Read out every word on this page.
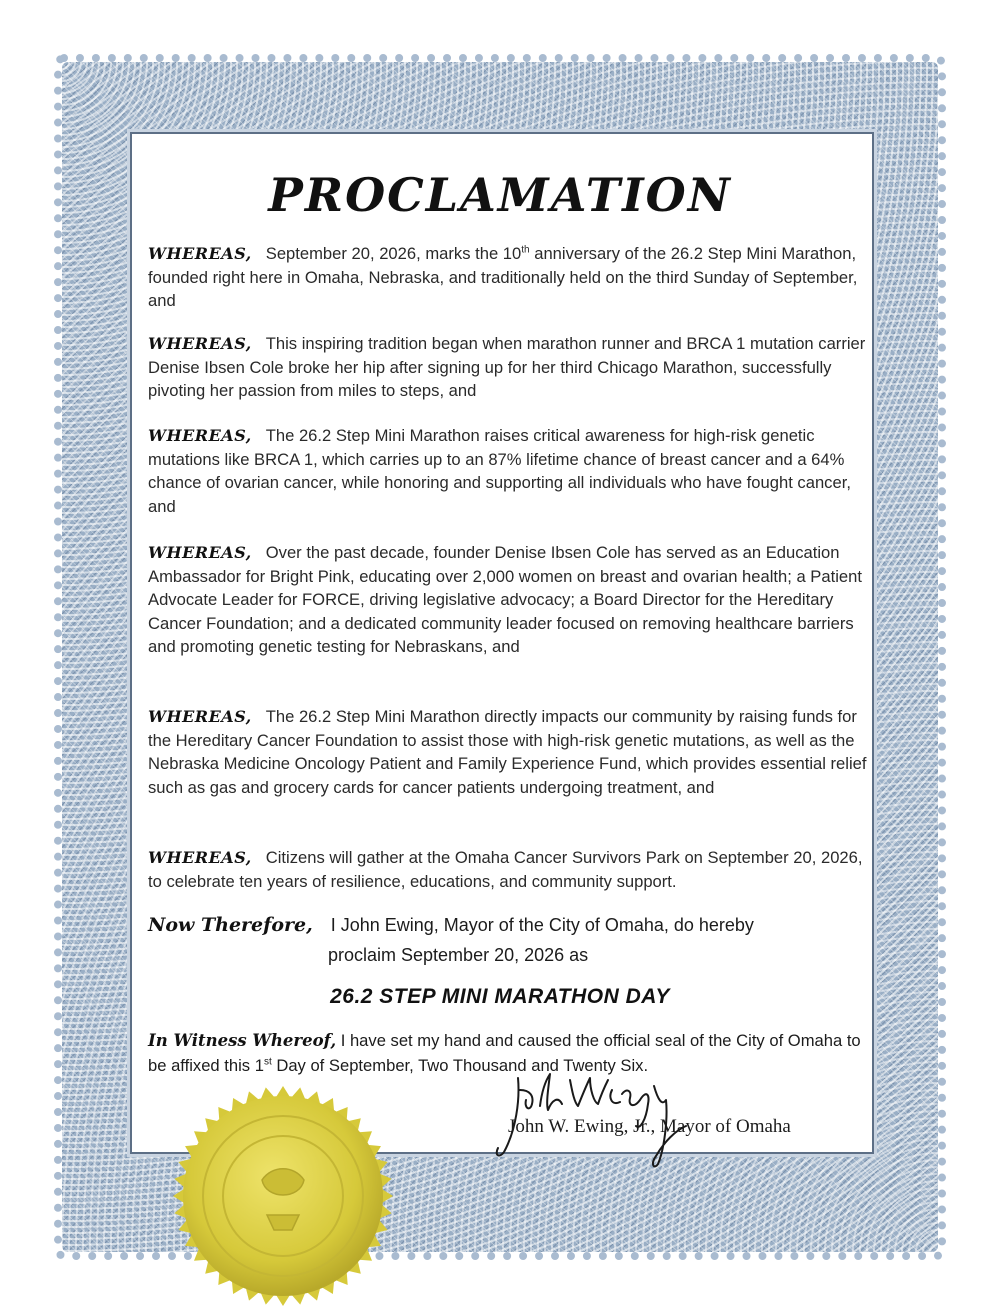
PROCLAMATION
WHEREAS, September 20, 2026, marks the 10th anniversary of the 26.2 Step Mini Marathon, founded right here in Omaha, Nebraska, and traditionally held on the third Sunday of September, and
WHEREAS, This inspiring tradition began when marathon runner and BRCA 1 mutation carrier Denise Ibsen Cole broke her hip after signing up for her third Chicago Marathon, successfully pivoting her passion from miles to steps, and
WHEREAS, The 26.2 Step Mini Marathon raises critical awareness for high-risk genetic mutations like BRCA 1, which carries up to an 87% lifetime chance of breast cancer and a 64% chance of ovarian cancer, while honoring and supporting all individuals who have fought cancer, and
WHEREAS, Over the past decade, founder Denise Ibsen Cole has served as an Education Ambassador for Bright Pink, educating over 2,000 women on breast and ovarian health; a Patient Advocate Leader for FORCE, driving legislative advocacy; a Board Director for the Hereditary Cancer Foundation; and a dedicated community leader focused on removing healthcare barriers and promoting genetic testing for Nebraskans, and
WHEREAS, The 26.2 Step Mini Marathon directly impacts our community by raising funds for the Hereditary Cancer Foundation to assist those with high-risk genetic mutations, as well as the Nebraska Medicine Oncology Patient and Family Experience Fund, which provides essential relief such as gas and grocery cards for cancer patients undergoing treatment, and
WHEREAS, Citizens will gather at the Omaha Cancer Survivors Park on September 20, 2026, to celebrate ten years of resilience, educations, and community support.
Now Therefore, I John Ewing, Mayor of the City of Omaha, do hereby
proclaim September 20, 2026 as
26.2 STEP MINI MARATHON DAY
In Witness Whereof, I have set my hand and caused the official seal of the City of Omaha to be affixed this 1st Day of September, Two Thousand and Twenty Six.
John W. Ewing, Jr., Mayor of Omaha
